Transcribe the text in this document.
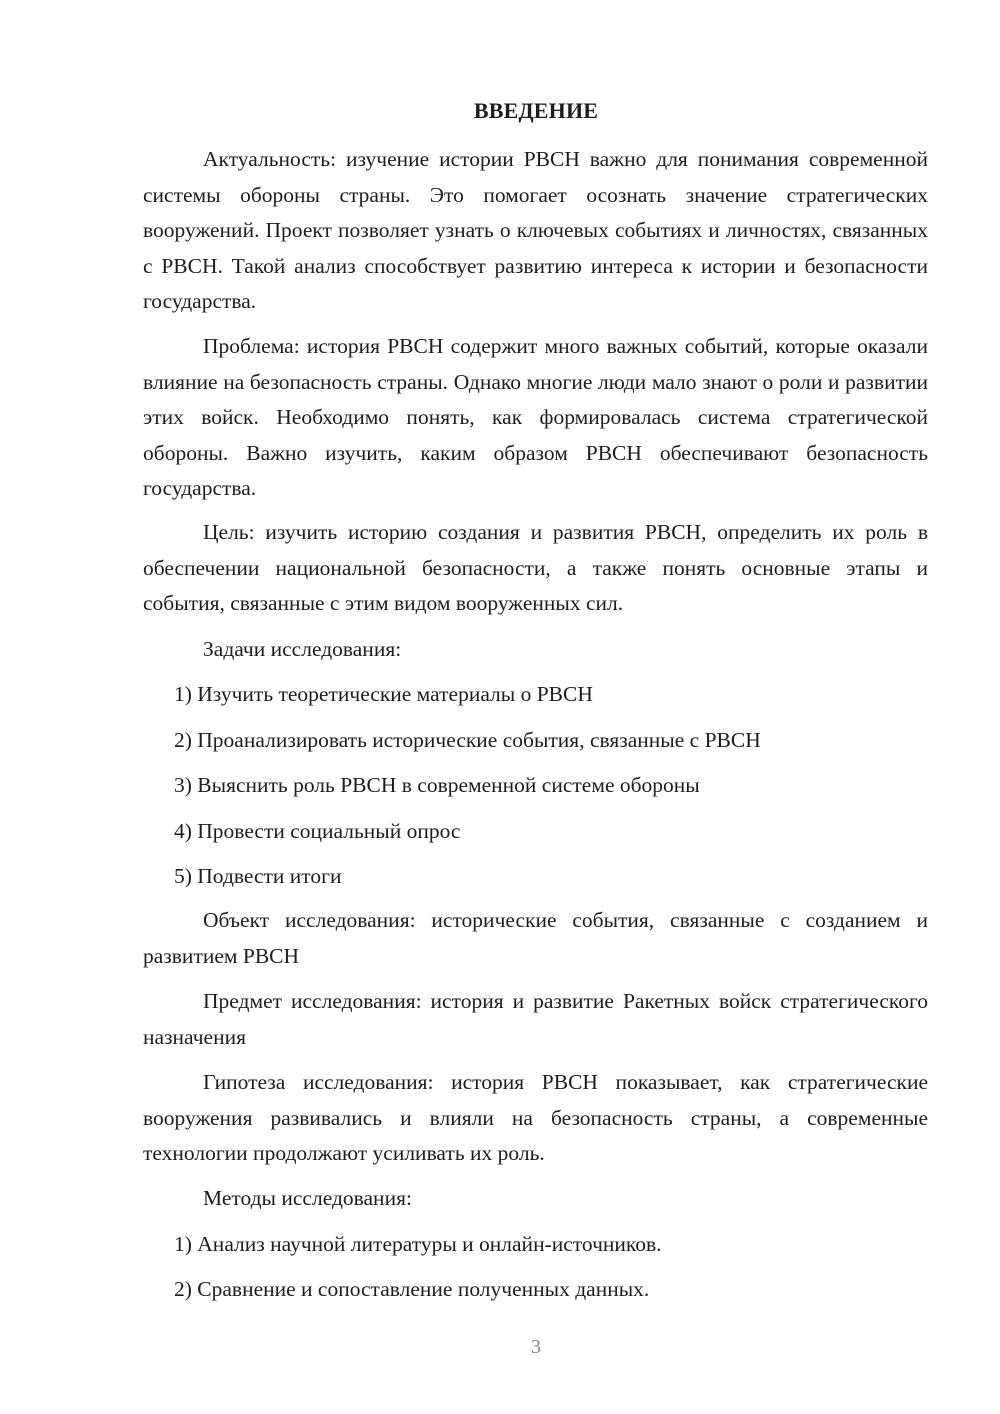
ВВЕДЕНИЕ

Актуальность: изучение истории РВСН важно для понимания современной системы обороны страны. Это помогает осознать значение стратегических вооружений. Проект позволяет узнать о ключевых событиях и личностях, связанных с РВСН. Такой анализ способствует развитию интереса к истории и безопасности государства.

Проблема: история РВСН содержит много важных событий, которые оказали влияние на безопасность страны. Однако многие люди мало знают о роли и развитии этих войск. Необходимо понять, как формировалась система стратегической обороны. Важно изучить, каким образом РВСН обеспечивают безопасность государства.

Цель: изучить историю создания и развития РВСН, определить их роль в обеспечении национальной безопасности, а также понять основные этапы и события, связанные с этим видом вооруженных сил.

Задачи исследования:

1) Изучить теоретические материалы о РВСН

2) Проанализировать исторические события, связанные с РВСН

3) Выяснить роль РВСН в современной системе обороны

4) Провести социальный опрос

5) Подвести итоги

Объект исследования: исторические события, связанные с созданием и развитием РВСН

Предмет исследования: история и развитие Ракетных войск стратегического назначения

Гипотеза исследования: история РВСН показывает, как стратегические вооружения развивались и влияли на безопасность страны, а современные технологии продолжают усиливать их роль.

Методы исследования:

1) Анализ научной литературы и онлайн-источников.

2) Сравнение и сопоставление полученных данных.

3
